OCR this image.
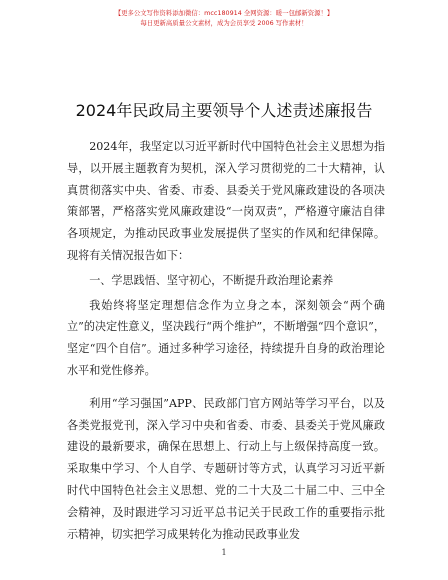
【更多公文写作资料添加微信：mcc180914 全网资源：暖一包邮新资源！】
每日更新高质量公文素材，成为会员享受 2006 写作素材！
2024年民政局主要领导个人述责述廉报告

2024年，我坚定以习近平新时代中国特色社会主义思想为指导，以开展主题教育为契机，深入学习贯彻党的二十大精神，认真贯彻落实中央、省委、市委、县委关于党风廉政建设的各项决策部署，严格落实党风廉政建设“一岗双责”，严格遵守廉洁自律各项规定，为推动民政事业发展提供了坚实的作风和纪律保障。现将有关情况报告如下：

一、学思践悟、坚守初心，不断提升政治理论素养

我始终将坚定理想信念作为立身之本，深刻领会“两个确立”的决定性意义，坚决践行“两个维护”，不断增强“四个意识”，坚定“四个自信”。通过多种学习途径，持续提升自身的政治理论水平和党性修养。

利用“学习强国”APP、民政部门官方网站等学习平台，以及各类党报党刊，深入学习中央和省委、市委、县委关于党风廉政建设的最新要求，确保在思想上、行动上与上级保持高度一致。采取集中学习、个人自学、专题研讨等方式，认真学习习近平新时代中国特色社会主义思想、党的二十大及二十届二中、三中全会精神，及时跟进学习习近平总书记关于民政工作的重要指示批示精神，切实把学习成果转化为推动民政事业发

1
